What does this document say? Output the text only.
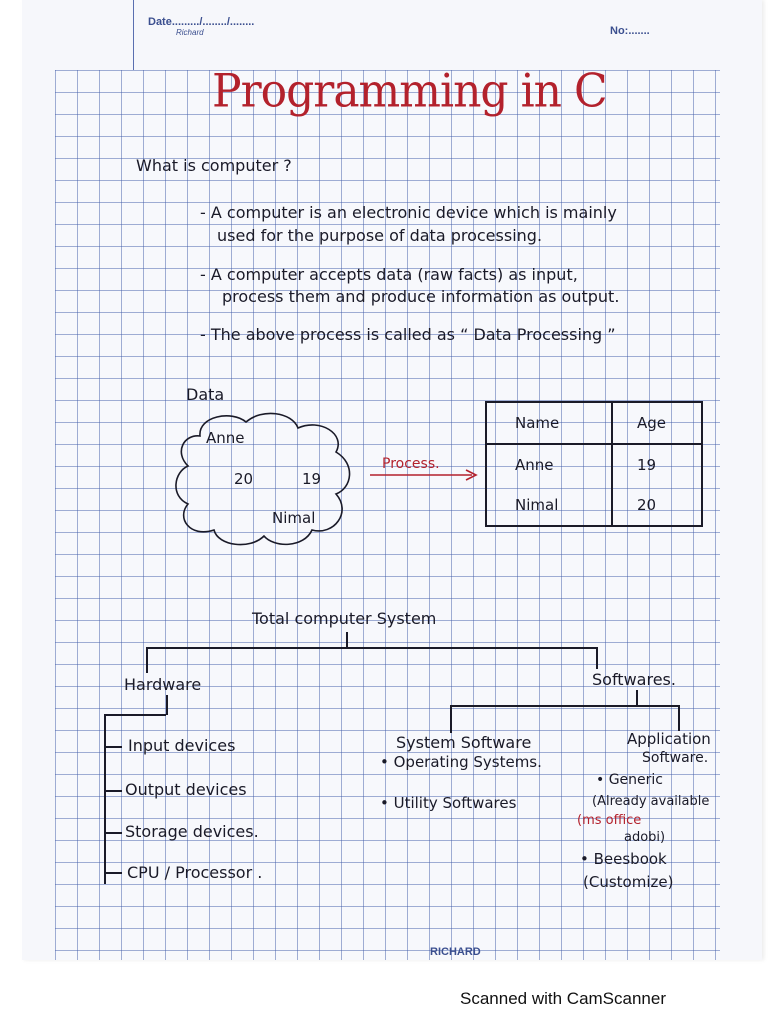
Date........./......../........
Richard	No:.......
Programming in C
What is computer ?
- A computer is an electronic device which is mainly
used for the purpose of data processing.
- A computer accepts data (raw facts) as input,
process them and produce information as output.
- The above process is called as “ Data Processing ”
Data
Anne
20	19
Nimal
Process.
Name	Age
Anne	19
Nimal	20
Total computer System
Hardware
Input devices
Output devices
Storage devices.
CPU / Processor .
Softwares.
System Software
• Operating Systems.
• Utility Softwares
Application
Software.
• Generic
(Already available
(ms office
adobi)
• Beesbook
(Customize)
RICHARD
Scanned with CamScanner
